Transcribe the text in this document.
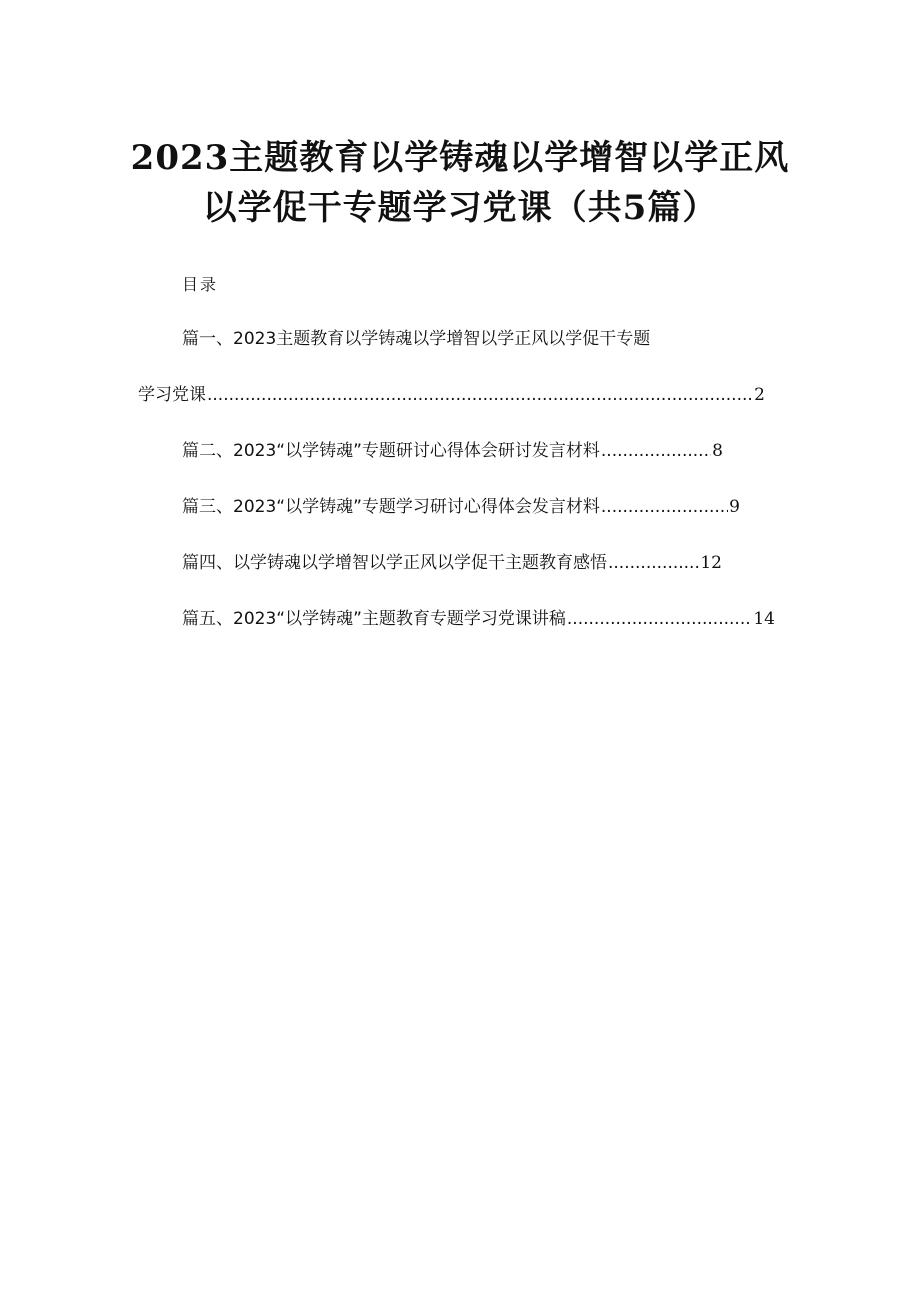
2023主题教育以学铸魂以学增智以学正风
以学促干专题学习党课（共5篇）
目录
篇一、2023主题教育以学铸魂以学增智以学正风以学促干专题
学习党课 .....	2
篇二、2023“以学铸魂”专题研讨心得体会研讨发言材料 .....	8
篇三、2023“以学铸魂”专题学习研讨心得体会发言材料 .....	9
篇四、以学铸魂以学增智以学正风以学促干主题教育感悟 .....	12
篇五、2023“以学铸魂”主题教育专题学习党课讲稿 .....	14
